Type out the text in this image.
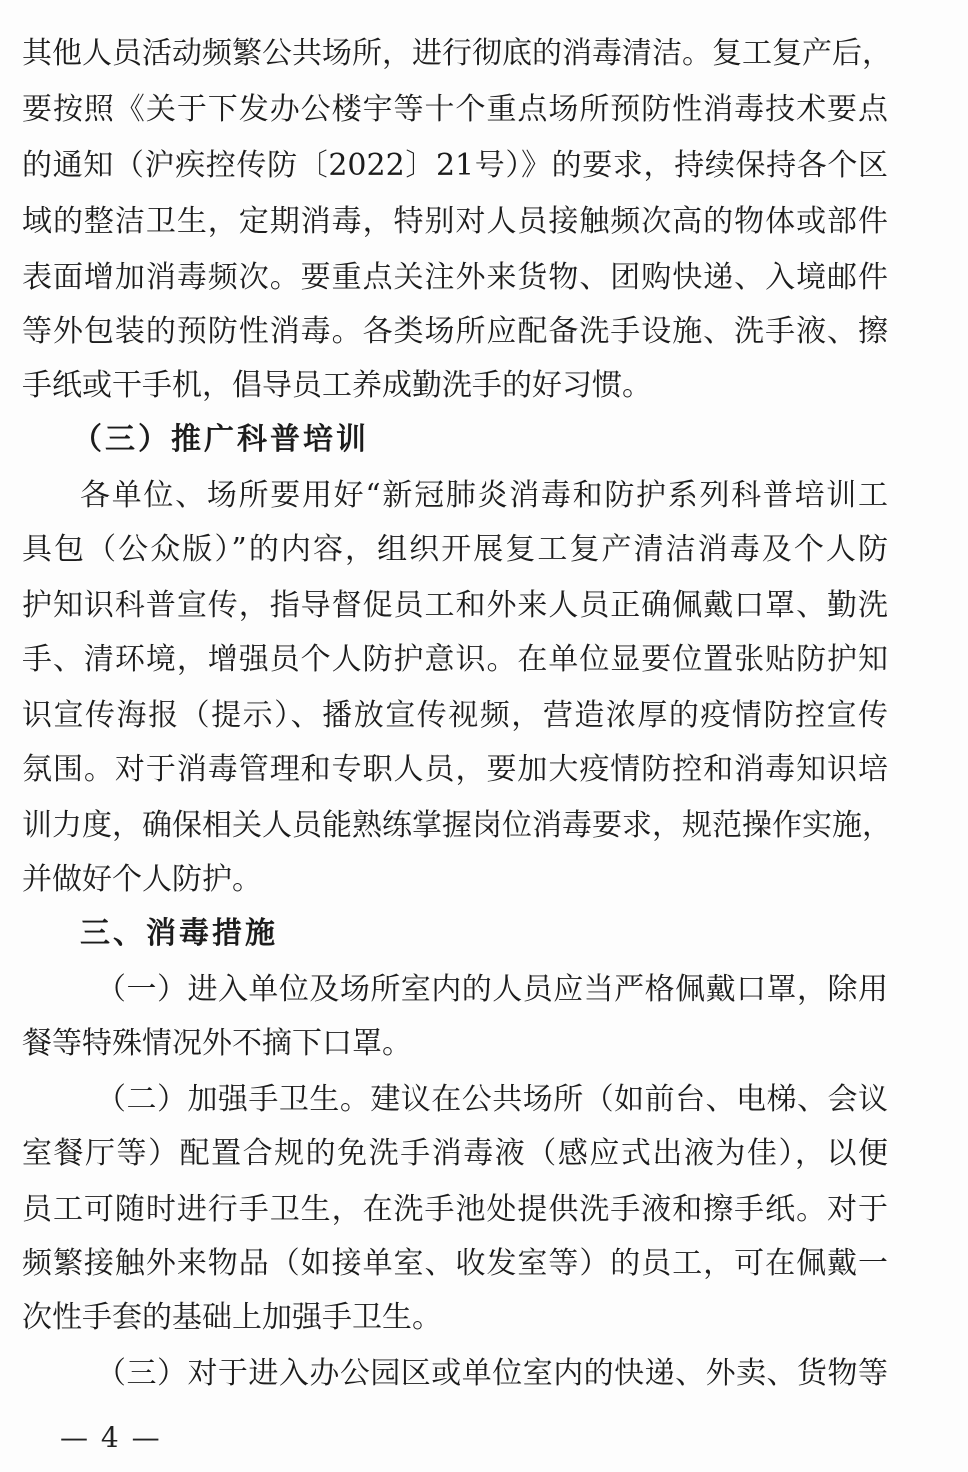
其他人员活动频繁公共场所，进行彻底的消毒清洁。复工复产后，
要按照《关于下发办公楼宇等十个重点场所预防性消毒技术要点
的通知（沪疾控传防〔2022〕21号）》的要求，持续保持各个区
域的整洁卫生，定期消毒，特别对人员接触频次高的物体或部件
表面增加消毒频次。要重点关注外来货物、团购快递、入境邮件
等外包装的预防性消毒。各类场所应配备洗手设施、洗手液、擦
手纸或干手机，倡导员工养成勤洗手的好习惯。
（三）推广科普培训
各单位、场所要用好“新冠肺炎消毒和防护系列科普培训工
具包（公众版）”的内容，组织开展复工复产清洁消毒及个人防
护知识科普宣传，指导督促员工和外来人员正确佩戴口罩、勤洗
手、清环境，增强员个人防护意识。在单位显要位置张贴防护知
识宣传海报（提示）、播放宣传视频，营造浓厚的疫情防控宣传
氛围。对于消毒管理和专职人员，要加大疫情防控和消毒知识培
训力度，确保相关人员能熟练掌握岗位消毒要求，规范操作实施，
并做好个人防护。
三、消毒措施
（一）进入单位及场所室内的人员应当严格佩戴口罩，除用
餐等特殊情况外不摘下口罩。
（二）加强手卫生。建议在公共场所（如前台、电梯、会议
室餐厅等）配置合规的免洗手消毒液（感应式出液为佳），以便
员工可随时进行手卫生，在洗手池处提供洗手液和擦手纸。对于
频繁接触外来物品（如接单室、收发室等）的员工，可在佩戴一
次性手套的基础上加强手卫生。
（三）对于进入办公园区或单位室内的快递、外卖、货物等
— 4 —
